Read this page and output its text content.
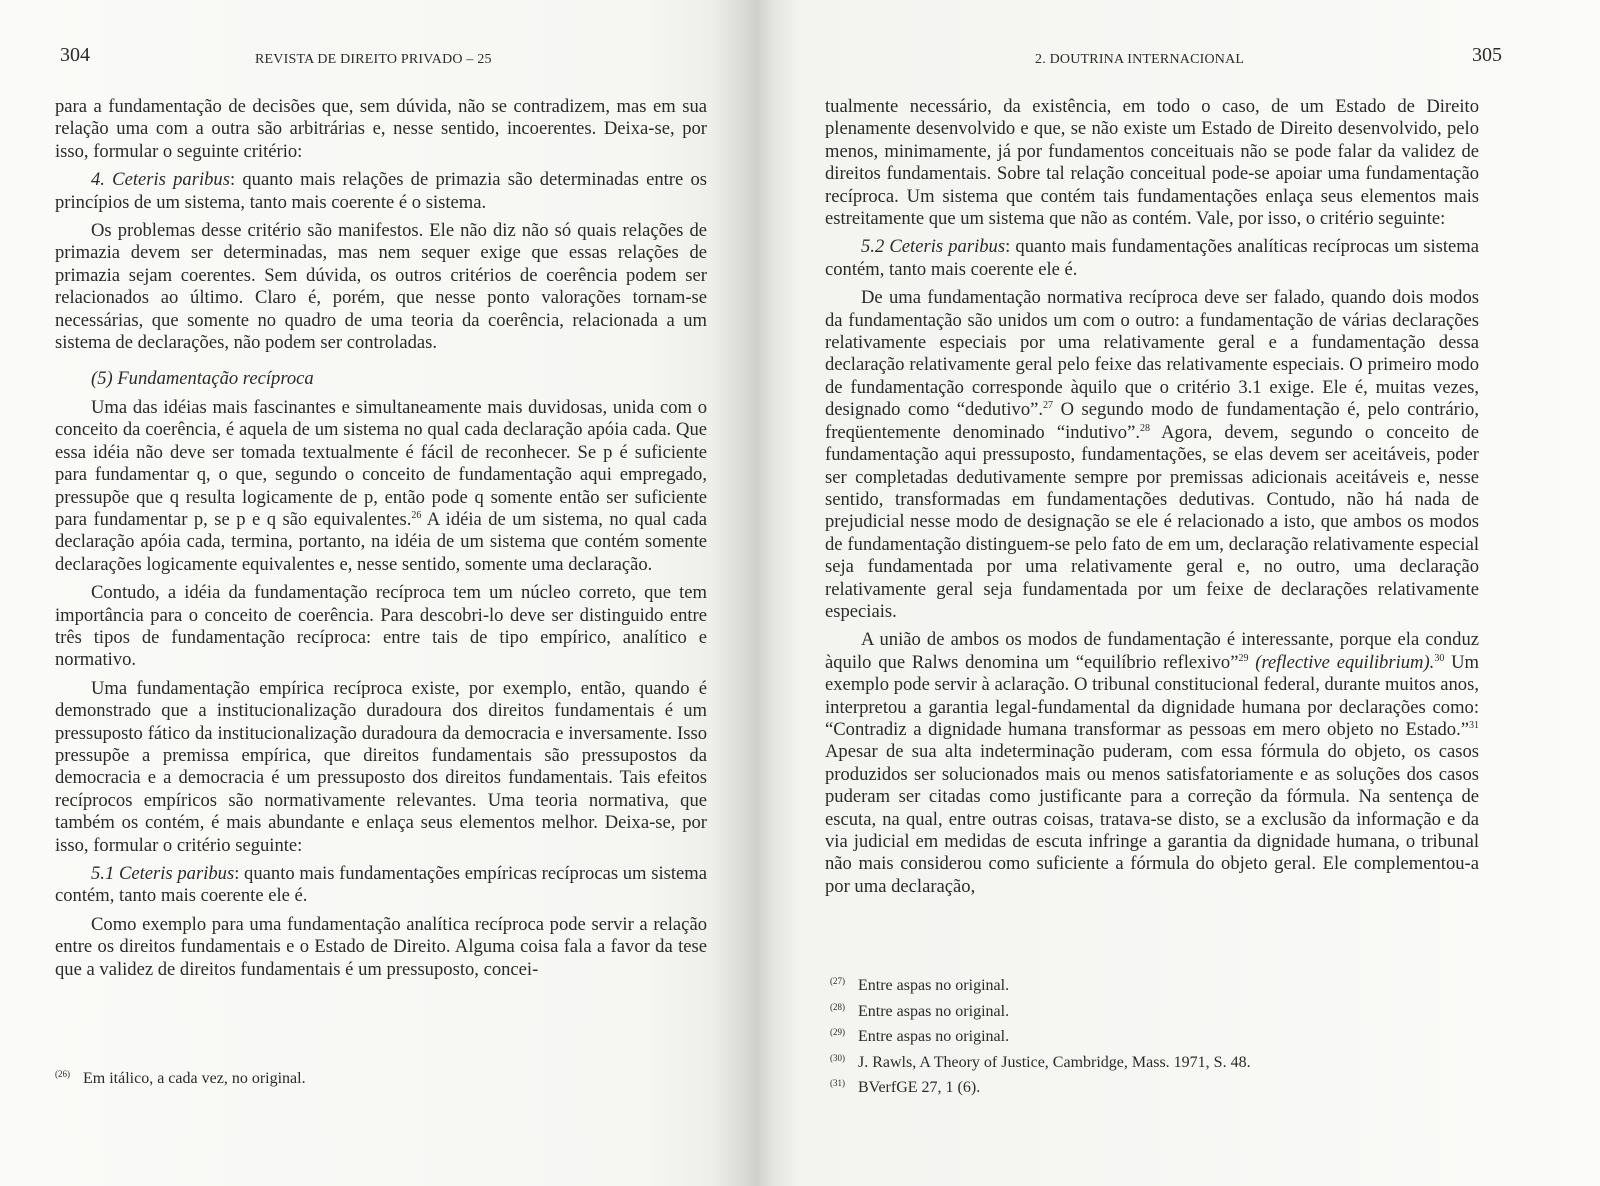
304	REVISTA DE DIREITO PRIVADO – 25

para a fundamentação de decisões que, sem dúvida, não se contradizem, mas em sua relação uma com a outra são arbitrárias e, nesse sentido, incoerentes. Deixa-se, por isso, formular o seguinte critério:

4. Ceteris paribus: quanto mais relações de primazia são determinadas entre os princípios de um sistema, tanto mais coerente é o sistema.

Os problemas desse critério são manifestos. Ele não diz não só quais relações de primazia devem ser determinadas, mas nem sequer exige que essas relações de primazia sejam coerentes. Sem dúvida, os outros critérios de coerência podem ser relacionados ao último. Claro é, porém, que nesse ponto valorações tornam-se necessárias, que somente no quadro de uma teoria da coerência, relacionada a um sistema de declarações, não podem ser controladas.

(5) Fundamentação recíproca

Uma das idéias mais fascinantes e simultaneamente mais duvidosas, unida com o conceito da coerência, é aquela de um sistema no qual cada declaração apóia cada. Que essa idéia não deve ser tomada textualmente é fácil de reconhecer. Se p é suficiente para fundamentar q, o que, segundo o conceito de fundamentação aqui empregado, pressupõe que q resulta logicamente de p, então pode q somente então ser suficiente para fundamentar p, se p e q são equivalentes.$^{26}$ A idéia de um sistema, no qual cada declaração apóia cada, termina, portanto, na idéia de um sistema que contém somente declarações logicamente equivalentes e, nesse sentido, somente uma declaração.

Contudo, a idéia da fundamentação recíproca tem um núcleo correto, que tem importância para o conceito de coerência. Para descobri-lo deve ser distinguido entre três tipos de fundamentação recíproca: entre tais de tipo empírico, analítico e normativo.

Uma fundamentação empírica recíproca existe, por exemplo, então, quando é demonstrado que a institucionalização duradoura dos direitos fundamentais é um pressuposto fático da institucionalização duradoura da democracia e inversamente. Isso pressupõe a premissa empírica, que direitos fundamentais são pressupostos da democracia e a democracia é um pressuposto dos direitos fundamentais. Tais efeitos recíprocos empíricos são normativamente relevantes. Uma teoria normativa, que também os contém, é mais abundante e enlaça seus elementos melhor. Deixa-se, por isso, formular o critério seguinte:

5.1 Ceteris paribus: quanto mais fundamentações empíricas recíprocas um sistema contém, tanto mais coerente ele é.

Como exemplo para uma fundamentação analítica recíproca pode servir a relação entre os direitos fundamentais e o Estado de Direito. Alguma coisa fala a favor da tese que a validez de direitos fundamentais é um pressuposto, concei-

(26) Em itálico, a cada vez, no original.
2. DOUTRINA INTERNACIONAL	305

tualmente necessário, da existência, em todo o caso, de um Estado de Direito plenamente desenvolvido e que, se não existe um Estado de Direito desenvolvido, pelo menos, minimamente, já por fundamentos conceituais não se pode falar da validez de direitos fundamentais. Sobre tal relação conceitual pode-se apoiar uma fundamentação recíproca. Um sistema que contém tais fundamentações enlaça seus elementos mais estreitamente que um sistema que não as contém. Vale, por isso, o critério seguinte:

5.2 Ceteris paribus: quanto mais fundamentações analíticas recíprocas um sistema contém, tanto mais coerente ele é.

De uma fundamentação normativa recíproca deve ser falado, quando dois modos da fundamentação são unidos um com o outro: a fundamentação de várias declarações relativamente especiais por uma relativamente geral e a fundamentação dessa declaração relativamente geral pelo feixe das relativamente especiais. O primeiro modo de fundamentação corresponde àquilo que o critério 3.1 exige. Ele é, muitas vezes, designado como “dedutivo”.$^{27}$ O segundo modo de fundamentação é, pelo contrário, freqüentemente denominado “indutivo”.$^{28}$ Agora, devem, segundo o conceito de fundamentação aqui pressuposto, fundamentações, se elas devem ser aceitáveis, poder ser completadas dedutivamente sempre por premissas adicionais aceitáveis e, nesse sentido, transformadas em fundamentações dedutivas. Contudo, não há nada de prejudicial nesse modo de designação se ele é relacionado a isto, que ambos os modos de fundamentação distinguem-se pelo fato de em um, declaração relativamente especial seja fundamentada por uma relativamente geral e, no outro, uma declaração relativamente geral seja fundamentada por um feixe de declarações relativamente especiais.

A união de ambos os modos de fundamentação é interessante, porque ela conduz àquilo que Ralws denomina um “equilíbrio reflexivo”$^{29}$ (reflective equilibrium).$^{30}$ Um exemplo pode servir à aclaração. O tribunal constitucional federal, durante muitos anos, interpretou a garantia legal-fundamental da dignidade humana por declarações como: “Contradiz a dignidade humana transformar as pessoas em mero objeto no Estado.”$^{31}$ Apesar de sua alta indeterminação puderam, com essa fórmula do objeto, os casos produzidos ser solucionados mais ou menos satisfatoriamente e as soluções dos casos puderam ser citadas como justificante para a correção da fórmula. Na sentença de escuta, na qual, entre outras coisas, tratava-se disto, se a exclusão da informação e da via judicial em medidas de escuta infringe a garantia da dignidade humana, o tribunal não mais considerou como suficiente a fórmula do objeto geral. Ele complementou-a por uma declaração,

(27) Entre aspas no original.
(28) Entre aspas no original.
(29) Entre aspas no original.
(30) J. Rawls, A Theory of Justice, Cambridge, Mass. 1971, S. 48.
(31) BVerfGE 27, 1 (6).
